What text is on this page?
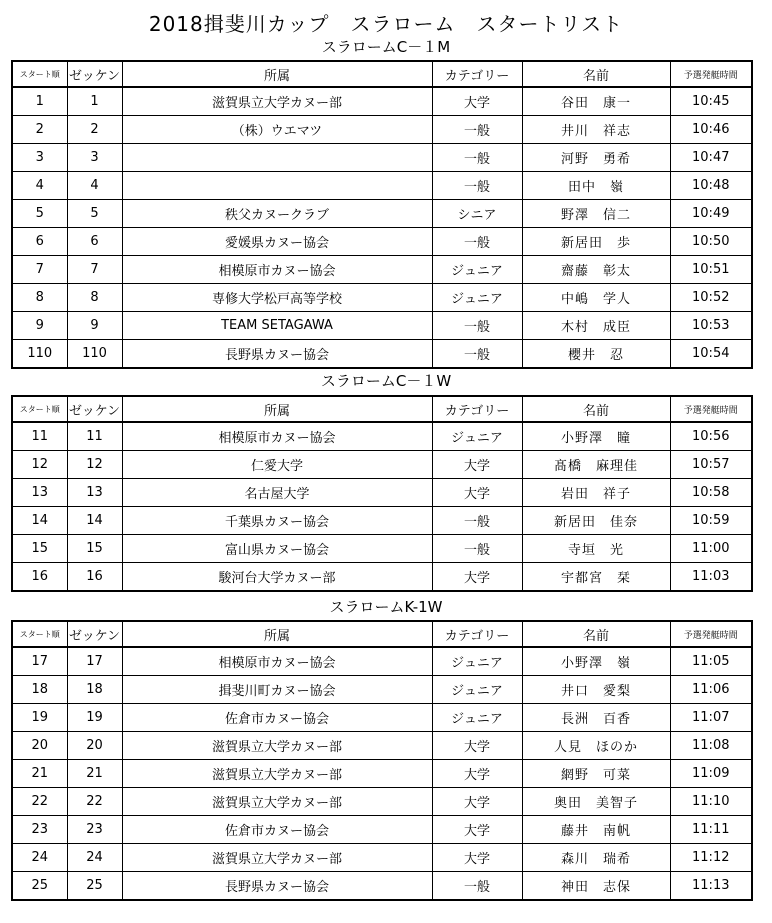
2018揖斐川カップ　スラローム　スタートリスト
スラロームC－１M
スタート順	ゼッケン	所属	カテゴリー	名前	予選発艇時間
1	1	滋賀県立大学カヌー部	大学	谷田　康一	10:45
2	2	（株）ウエマツ	一般	井川　祥志	10:46
3	3		一般	河野　勇希	10:47
4	4		一般	田中　嶺	10:48
5	5	秩父カヌークラブ	シニア	野澤　信二	10:49
6	6	愛媛県カヌー協会	一般	新居田　歩	10:50
7	7	相模原市カヌー協会	ジュニア	齋藤　彰太	10:51
8	8	専修大学松戸高等学校	ジュニア	中嶋　学人	10:52
9	9	TEAM SETAGAWA	一般	木村　成臣	10:53
110	110	長野県カヌー協会	一般	櫻井　忍	10:54
スラロームC－１W
スタート順	ゼッケン	所属	カテゴリー	名前	予選発艇時間
11	11	相模原市カヌー協会	ジュニア	小野澤　瞳	10:56
12	12	仁愛大学	大学	髙橋　麻理佳	10:57
13	13	名古屋大学	大学	岩田　祥子	10:58
14	14	千葉県カヌー協会	一般	新居田　佳奈	10:59
15	15	富山県カヌー協会	一般	寺垣　光	11:00
16	16	駿河台大学カヌー部	大学	宇都宮　栞	11:03
スラロームK-1W
スタート順	ゼッケン	所属	カテゴリー	名前	予選発艇時間
17	17	相模原市カヌー協会	ジュニア	小野澤　嶺	11:05
18	18	揖斐川町カヌー協会	ジュニア	井口　愛梨	11:06
19	19	佐倉市カヌー協会	ジュニア	長洲　百香	11:07
20	20	滋賀県立大学カヌー部	大学	人見　ほのか	11:08
21	21	滋賀県立大学カヌー部	大学	網野　可菜	11:09
22	22	滋賀県立大学カヌー部	大学	奥田　美智子	11:10
23	23	佐倉市カヌー協会	大学	藤井　南帆	11:11
24	24	滋賀県立大学カヌー部	大学	森川　瑞希	11:12
25	25	長野県カヌー協会	一般	神田　志保	11:13
